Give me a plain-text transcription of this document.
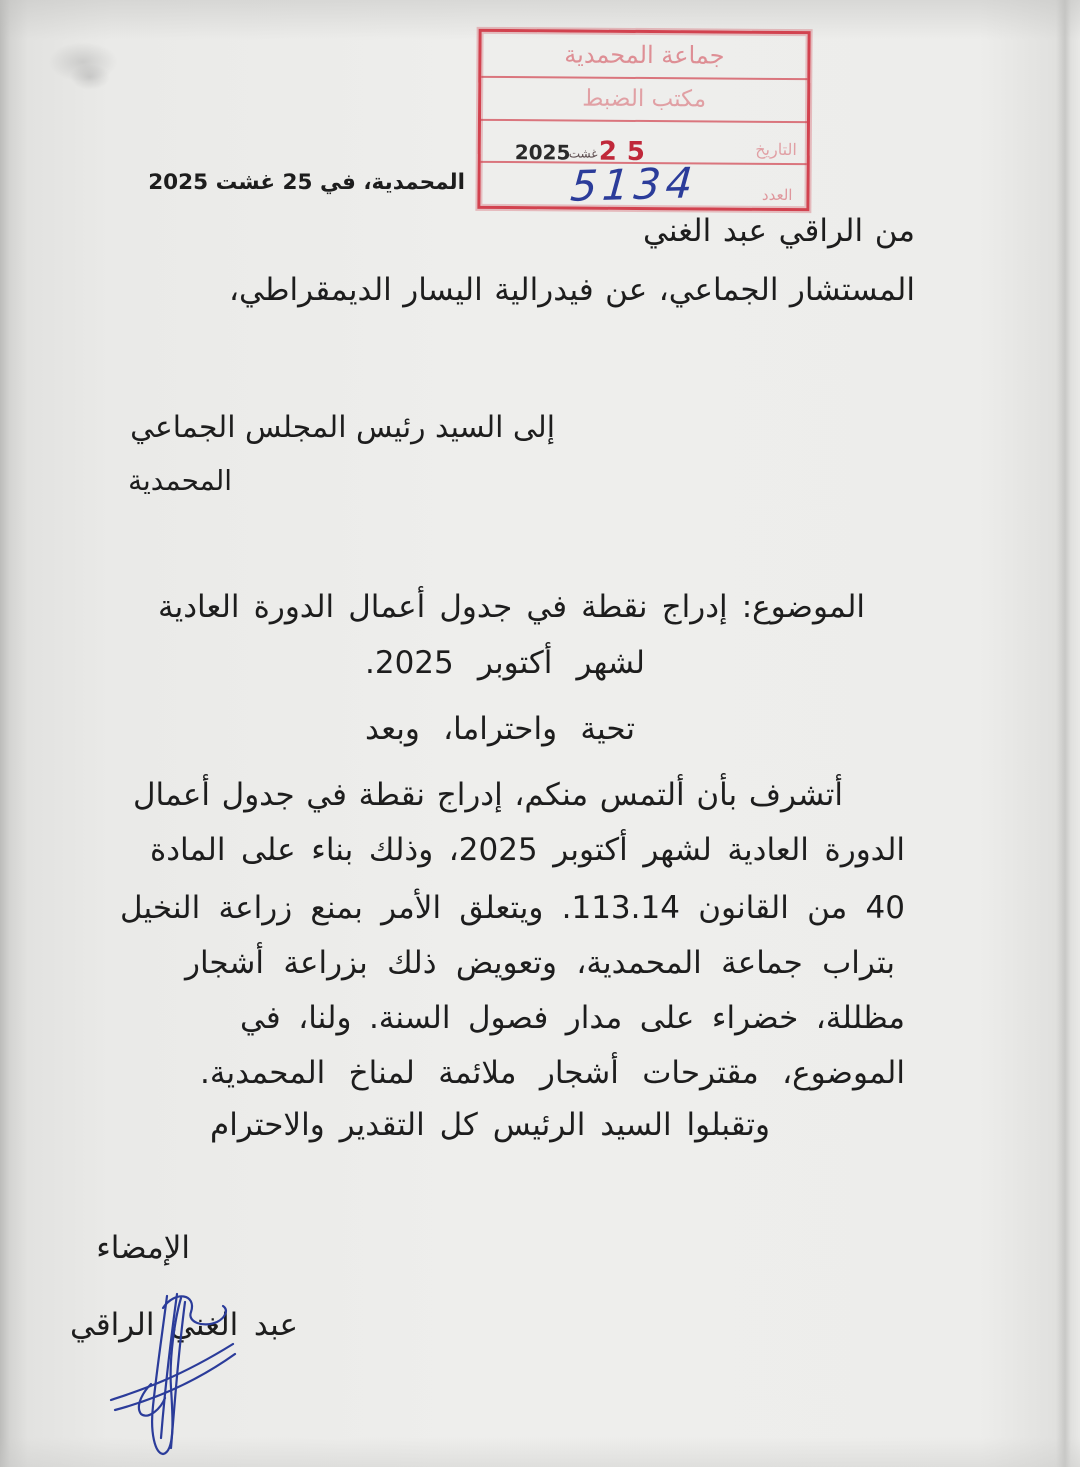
جماعة المحمدية
مكتب الضبط
التاريخ
2025
غشت 25
العدد
5134
المحمدية، في 25 غشت 2025
من الراقي عبد الغني
المستشار الجماعي، عن فيدرالية اليسار الديمقراطي،
إلى السيد رئيس المجلس الجماعي
المحمدية
الموضوع: إدراج نقطة في جدول أعمال الدورة العادية
لشهر أكتوبر 2025.
تحية واحتراما، وبعد
أتشرف بأن ألتمس منكم، إدراج نقطة في جدول أعمال
الدورة العادية لشهر أكتوبر 2025، وذلك بناء على المادة
40 من القانون 113.14. ويتعلق الأمر بمنع زراعة النخيل
بتراب جماعة المحمدية، وتعويض ذلك بزراعة أشجار
مظللة، خضراء على مدار فصول السنة. ولنا، في
الموضوع، مقترحات أشجار ملائمة لمناخ المحمدية.
وتقبلوا السيد الرئيس كل التقدير والاحترام
الإمضاء
عبد الغني الراقي
